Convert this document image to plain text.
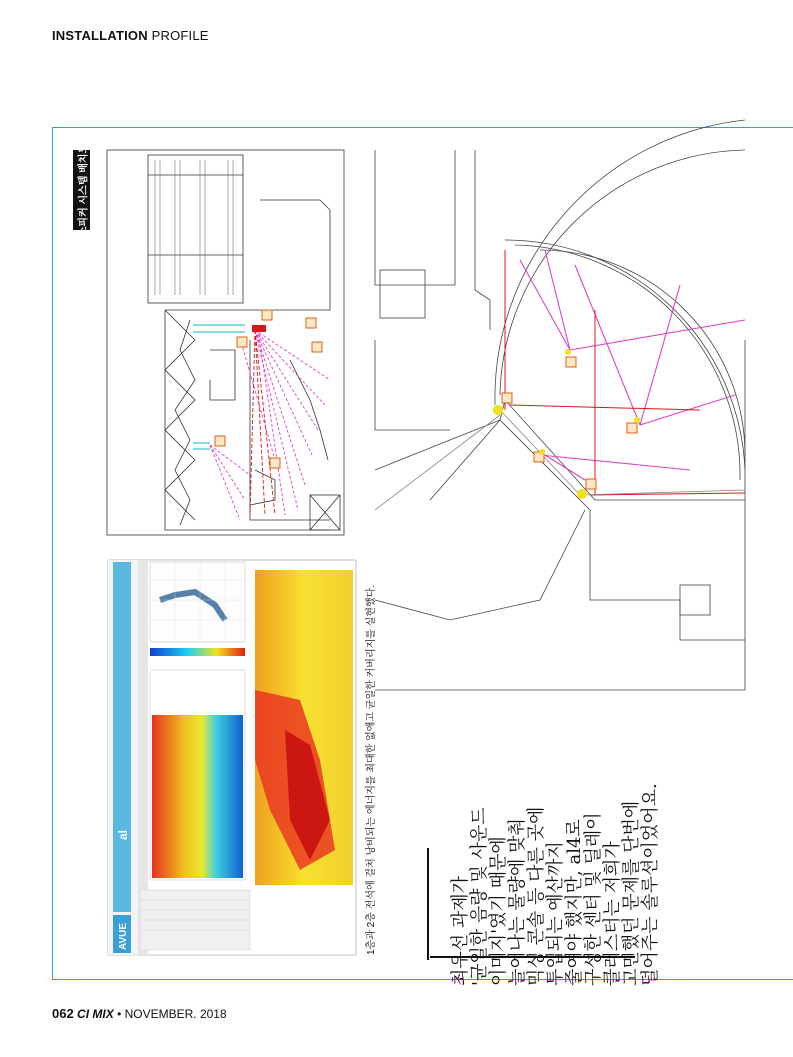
INSTALLATION PROFILE
스피커 시스템 배치도
AVUE
al	1층과 2층 전석에 걸쳐 낭비되는 에너지를 최대한 없애고 균일한 커버리지를 실현했다.	최우선 과제가
'균일한 음량 및 사운드
이미지'였기 때문에
늘어나는 물량에 맞춰
믹싱 콘솔 등 다른 곳에
투입되는 예산까지
줄여야 했지만, al4로
구성한 센터 및 딜레이
클러스터는 저희가
고민했던 문제를 단번에
덜어주는 솔루션이었어요.
062 CI MIX • NOVEMBER. 2018
